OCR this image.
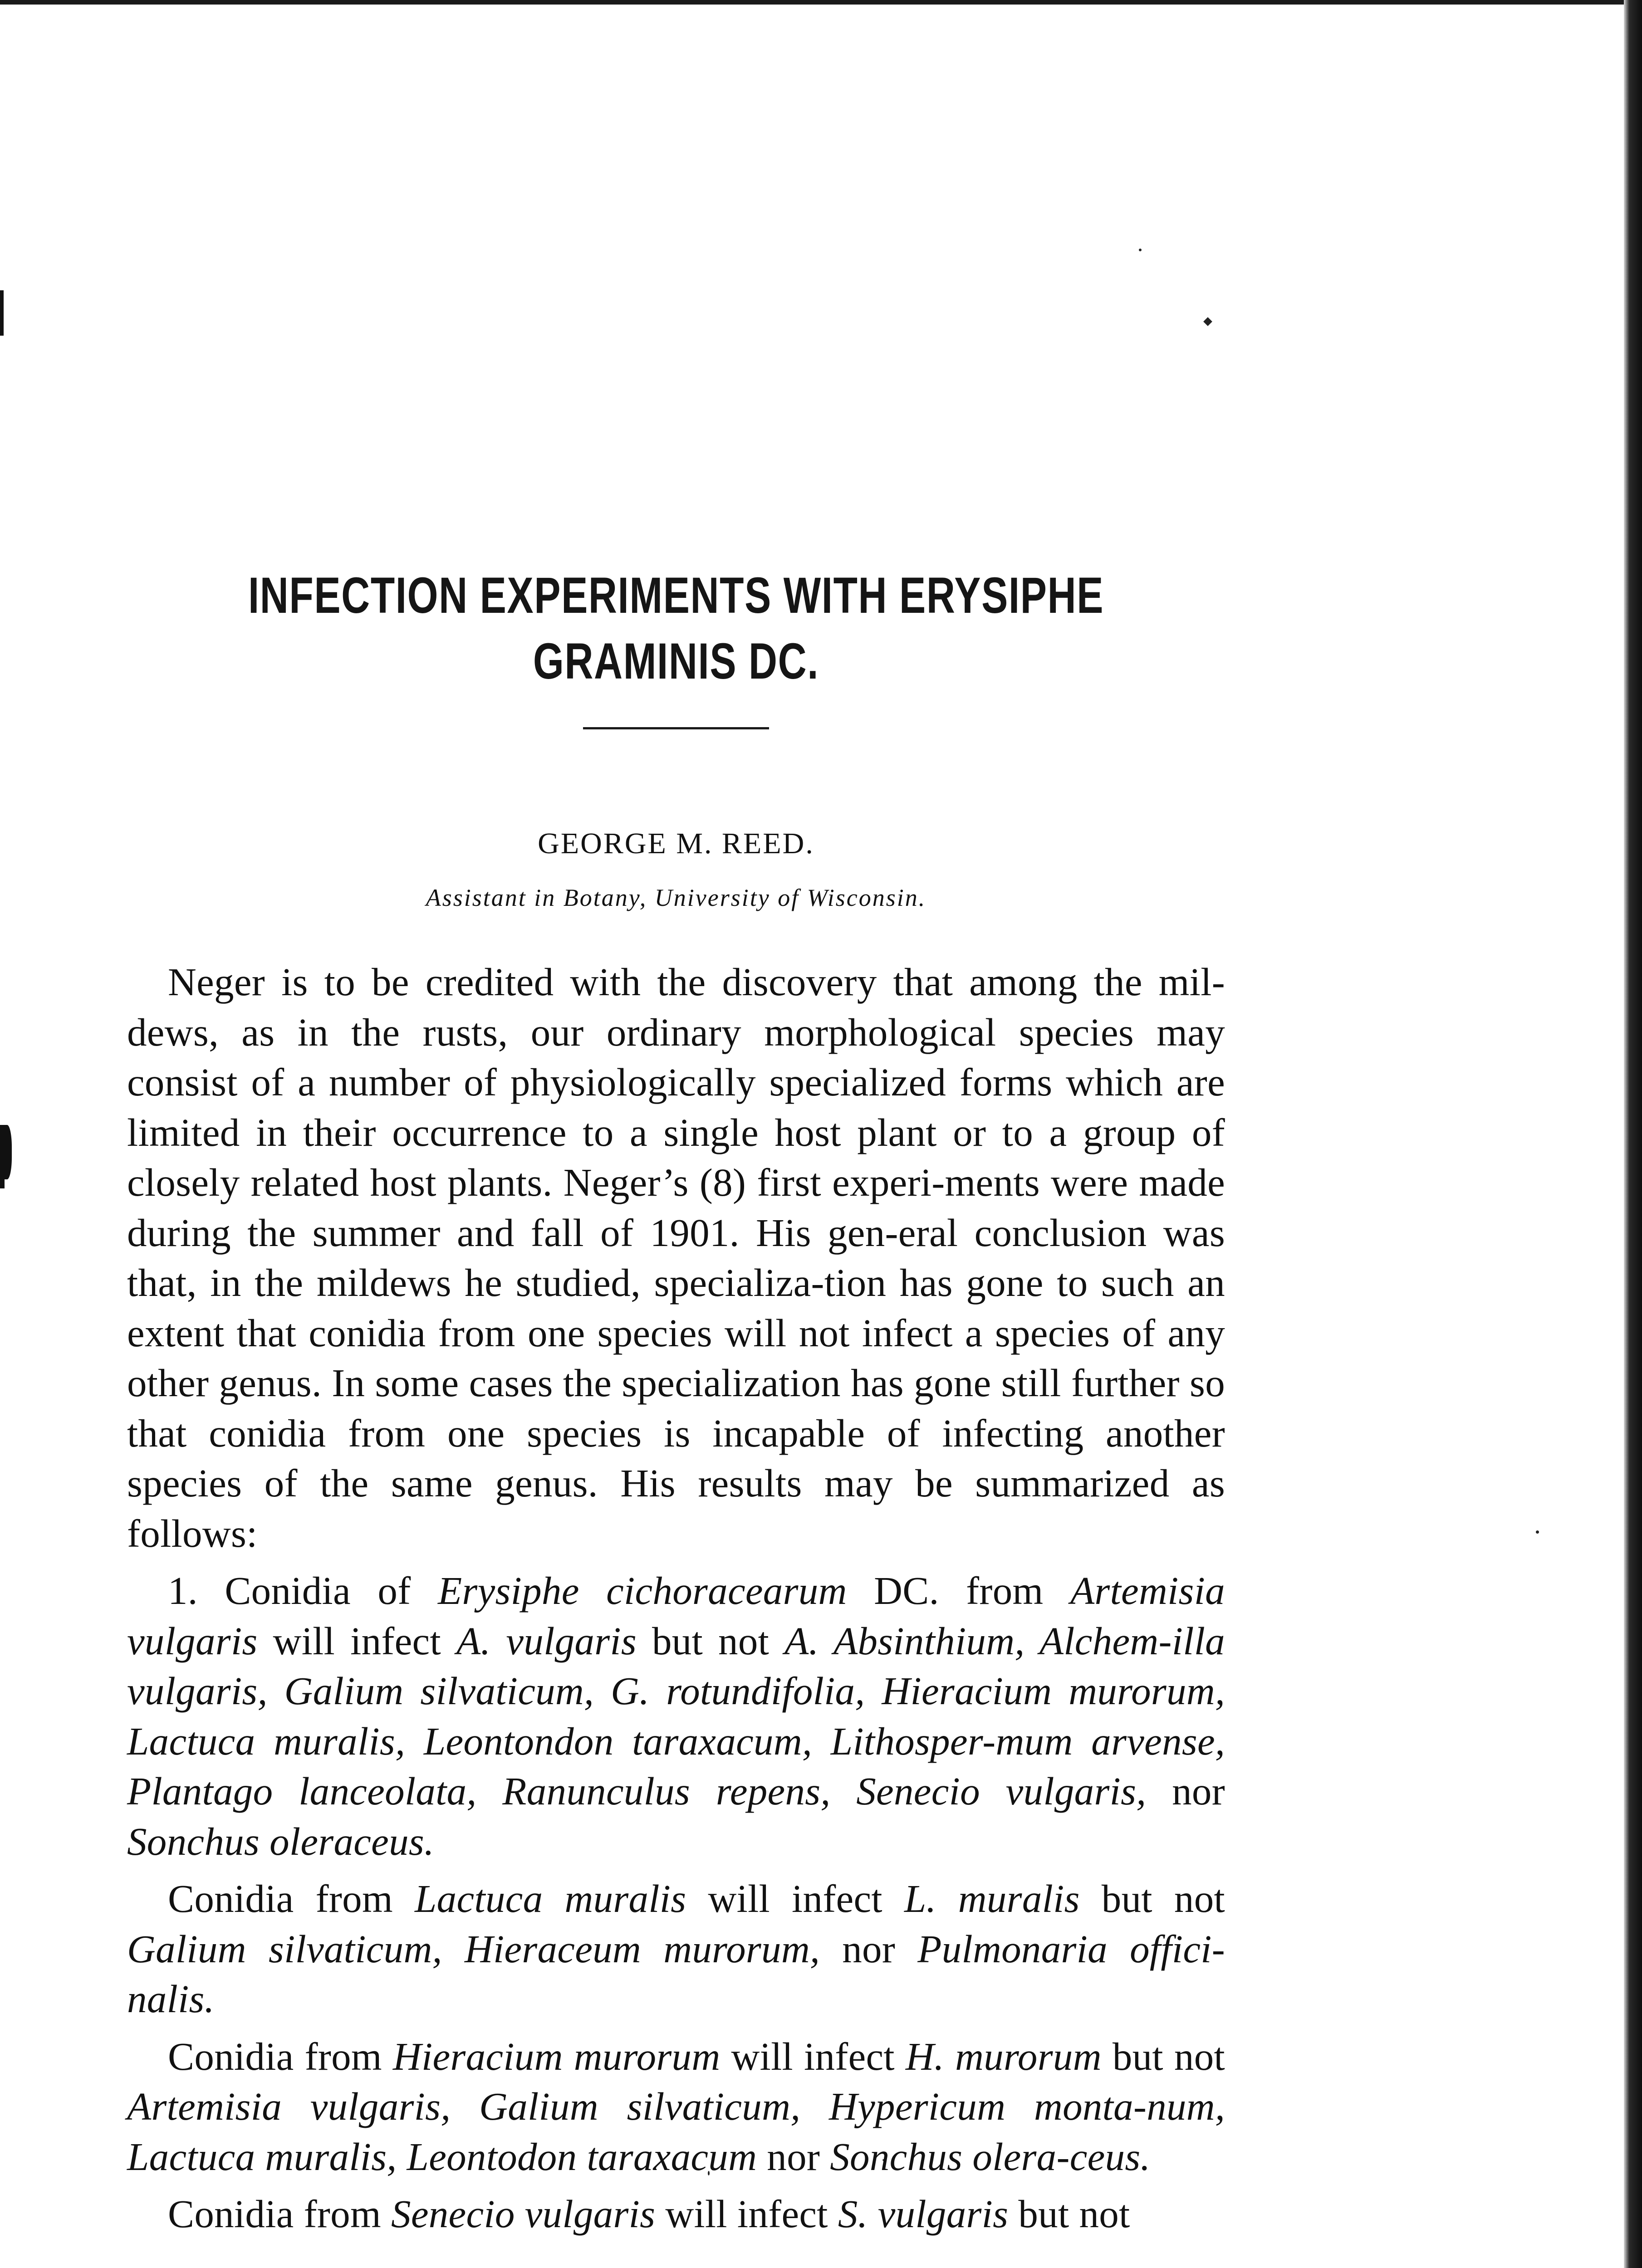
INFECTION EXPERIMENTS WITH ERYSIPHE
GRAMINIS DC.
GEORGE M. REED.
Assistant in Botany, University of Wisconsin.

Neger is to be credited with the discovery that among the mil-dews, as in the rusts, our ordinary morphological species may consist of a number of physiologically specialized forms which are limited in their occurrence to a single host plant or to a group of closely related host plants. Neger’s (8) first experi-ments were made during the summer and fall of 1901. His gen-eral conclusion was that, in the mildews he studied, specializa-tion has gone to such an extent that conidia from one species will not infect a species of any other genus. In some cases the specialization has gone still further so that conidia from one species is incapable of infecting another species of the same genus. His results may be summarized as follows:

1. Conidia of Erysiphe cichoracearum DC. from Artemisia vulgaris will infect A. vulgaris but not A. Absinthium, Alchem-illa vulgaris, Galium silvaticum, G. rotundifolia, Hieracium murorum, Lactuca muralis, Leontondon taraxacum, Lithosper-mum arvense, Plantago lanceolata, Ranunculus repens, Senecio vulgaris, nor Sonchus oleraceus.

Conidia from Lactuca muralis will infect L. muralis but not Galium silvaticum, Hieraceum murorum, nor Pulmonaria offici-nalis.

Conidia from Hieracium murorum will infect H. murorum but not Artemisia vulgaris, Galium silvaticum, Hypericum monta-num, Lactuca muralis, Leontodon taraxacum nor Sonchus olera-ceus.

Conidia from Senecio vulgaris will infect S. vulgaris but not
